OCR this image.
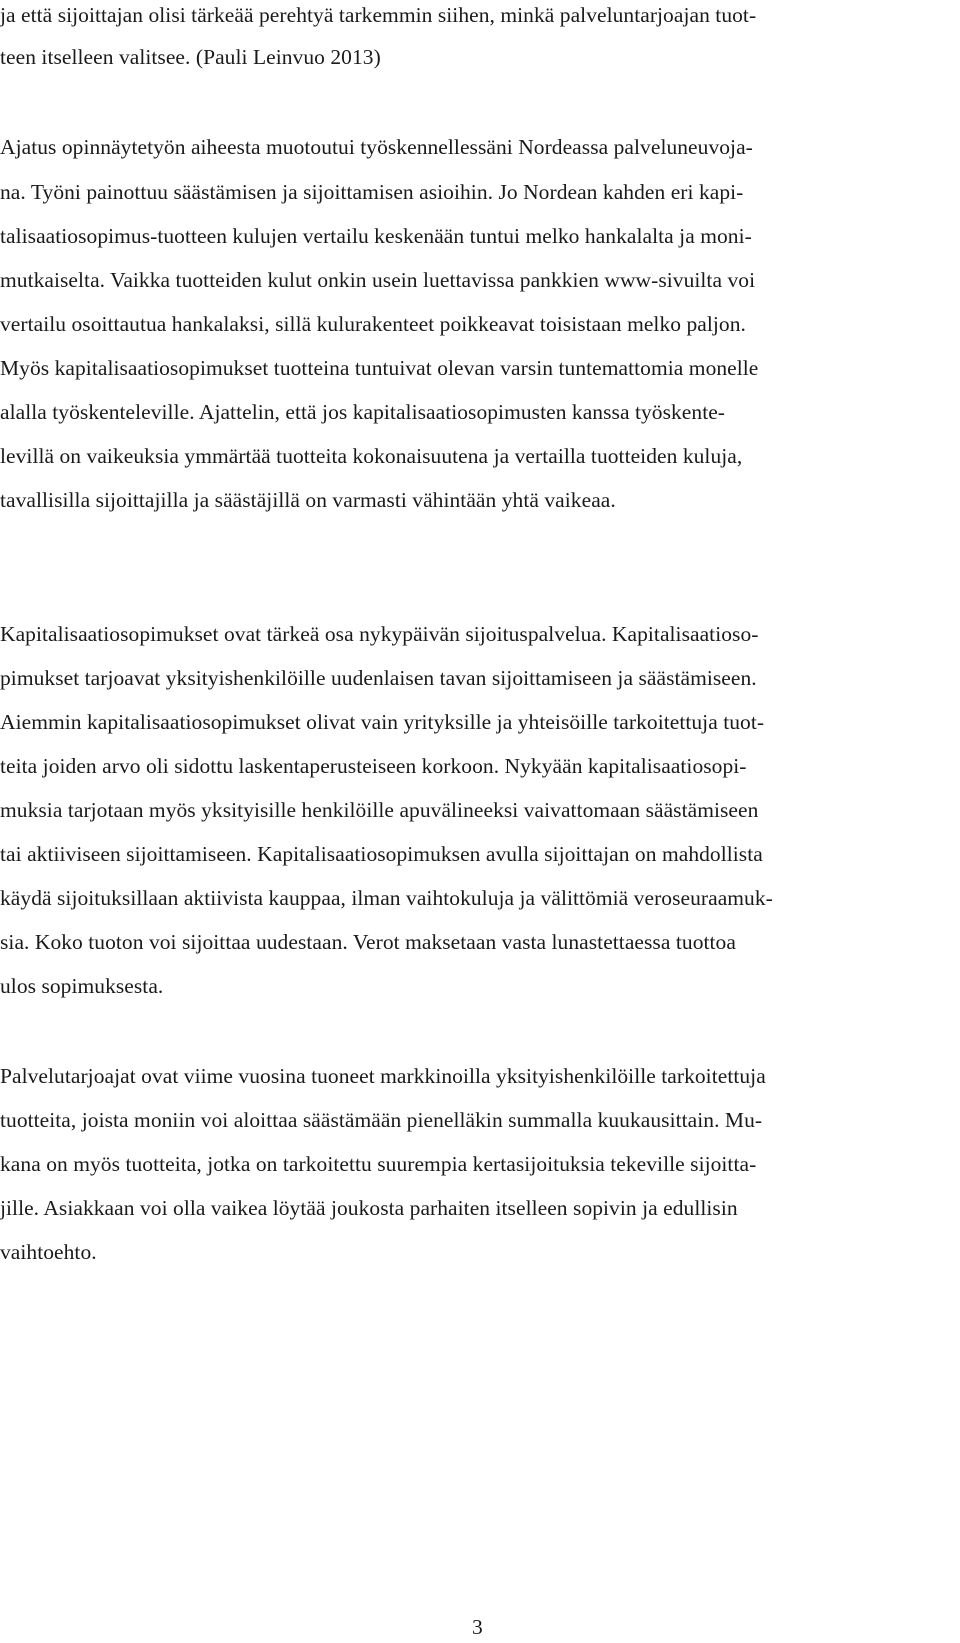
ja että sijoittajan olisi tärkeää perehtyä tarkemmin siihen, minkä palveluntarjoajan tuot-

teen itselleen valitsee. (Pauli Leinvuo 2013)

Ajatus opinnäytetyön aiheesta muotoutui työskennellessäni Nordeassa palveluneuvoja-

na. Työni painottuu säästämisen ja sijoittamisen asioihin. Jo Nordean kahden eri kapi-

talisaatiosopimus-tuotteen kulujen vertailu keskenään tuntui melko hankalalta ja moni-

mutkaiselta. Vaikka tuotteiden kulut onkin usein luettavissa pankkien www-sivuilta voi

vertailu osoittautua hankalaksi, sillä kulurakenteet poikkeavat toisistaan melko paljon.

Myös kapitalisaatiosopimukset tuotteina tuntuivat olevan varsin tuntemattomia monelle

alalla työskenteleville. Ajattelin, että jos kapitalisaatiosopimusten kanssa työskente-

levillä on vaikeuksia ymmärtää tuotteita kokonaisuutena ja vertailla tuotteiden kuluja,

tavallisilla sijoittajilla ja säästäjillä on varmasti vähintään yhtä vaikeaa.

Kapitalisaatiosopimukset ovat tärkeä osa nykypäivän sijoituspalvelua. Kapitalisaatioso-

pimukset tarjoavat yksityishenkilöille uudenlaisen tavan sijoittamiseen ja säästämiseen.

Aiemmin kapitalisaatiosopimukset olivat vain yrityksille ja yhteisöille tarkoitettuja tuot-

teita joiden arvo oli sidottu laskentaperusteiseen korkoon. Nykyään kapitalisaatiosopi-

muksia tarjotaan myös yksityisille henkilöille apuvälineeksi vaivattomaan säästämiseen

tai aktiiviseen sijoittamiseen. Kapitalisaatiosopimuksen avulla sijoittajan on mahdollista

käydä sijoituksillaan aktiivista kauppaa, ilman vaihtokuluja ja välittömiä veroseuraamuk-

sia. Koko tuoton voi sijoittaa uudestaan. Verot maksetaan vasta lunastettaessa tuottoa

ulos sopimuksesta.

Palvelutarjoajat ovat viime vuosina tuoneet markkinoilla yksityishenkilöille tarkoitettuja

tuotteita, joista moniin voi aloittaa säästämään pienelläkin summalla kuukausittain. Mu-

kana on myös tuotteita, jotka on tarkoitettu suurempia kertasijoituksia tekeville sijoitta-

jille. Asiakkaan voi olla vaikea löytää joukosta parhaiten itselleen sopivin ja edullisin

vaihtoehto.

3
